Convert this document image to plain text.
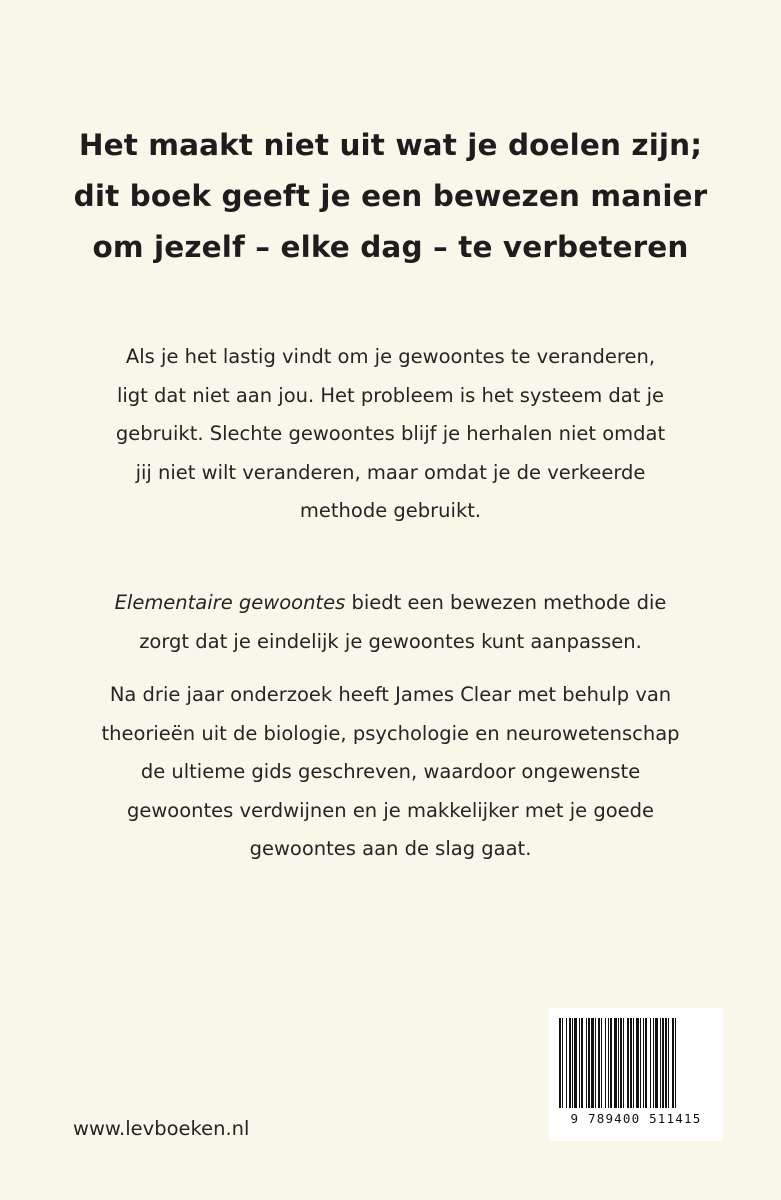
Het maakt niet uit wat je doelen zijn;
dit boek geeft je een bewezen manier
om jezelf – elke dag – te verbeteren

Als je het lastig vindt om je gewoontes te veranderen,
ligt dat niet aan jou. Het probleem is het systeem dat je
gebruikt. Slechte gewoontes blijf je herhalen niet omdat
jij niet wilt veranderen, maar omdat je de verkeerde
methode gebruikt.

Elementaire gewoontes biedt een bewezen methode die
zorgt dat je eindelijk je gewoontes kunt aanpassen.

Na drie jaar onderzoek heeft James Clear met behulp van
theorieën uit de biologie, psychologie en neurowetenschap
de ultieme gids geschreven, waardoor ongewenste
gewoontes verdwijnen en je makkelijker met je goede
gewoontes aan de slag gaat.

www.levboeken.nl	9 789400 511415
